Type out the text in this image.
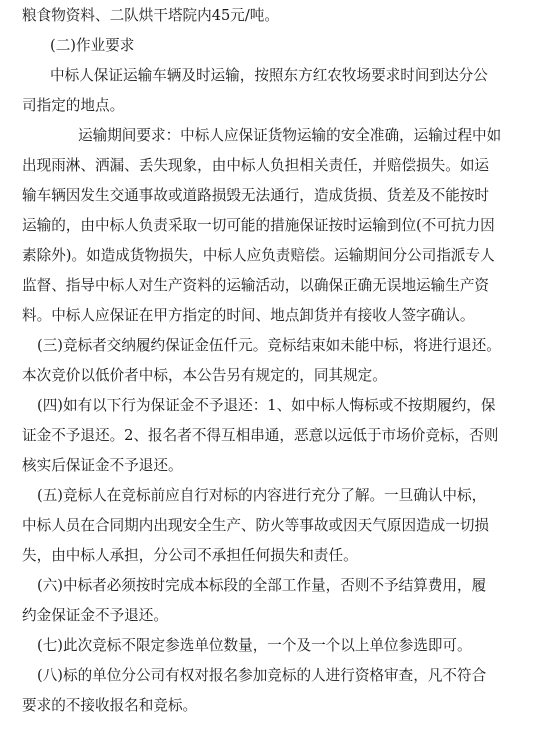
粮食物资料、二队烘干塔院内45元/吨。

(二)作业要求

中标人保证运输车辆及时运输，按照东方红农牧场要求时间到达分公

司指定的地点。

运输期间要求：中标人应保证货物运输的安全准确，运输过程中如

出现雨淋、洒漏、丢失现象，由中标人负担相关责任，并赔偿损失。如运

输车辆因发生交通事故或道路损毁无法通行，造成货损、货差及不能按时

运输的，由中标人负责采取一切可能的措施保证按时运输到位(不可抗力因

素除外)。如造成货物损失，中标人应负责赔偿。运输期间分公司指派专人

监督、指导中标人对生产资料的运输活动，以确保正确无误地运输生产资

料。中标人应保证在甲方指定的时间、地点卸货并有接收人签字确认。

(三)竞标者交纳履约保证金伍仟元。竞标结束如未能中标，将进行退还。

本次竞价以低价者中标，本公告另有规定的，同其规定。

(四)如有以下行为保证金不予退还：1、如中标人悔标或不按期履约，保

证金不予退还。2、报名者不得互相串通，恶意以远低于市场价竞标，否则

核实后保证金不予退还。

(五)竞标人在竞标前应自行对标的内容进行充分了解。一旦确认中标，

中标人员在合同期内出现安全生产、防火等事故或因天气原因造成一切损

失，由中标人承担，分公司不承担任何损失和责任。

(六)中标者必须按时完成本标段的全部工作量，否则不予结算费用，履

约金保证金不予退还。

(七)此次竞标不限定参选单位数量，一个及一个以上单位参选即可。

(八)标的单位分公司有权对报名参加竞标的人进行资格审查，凡不符合

要求的不接收报名和竞标。
